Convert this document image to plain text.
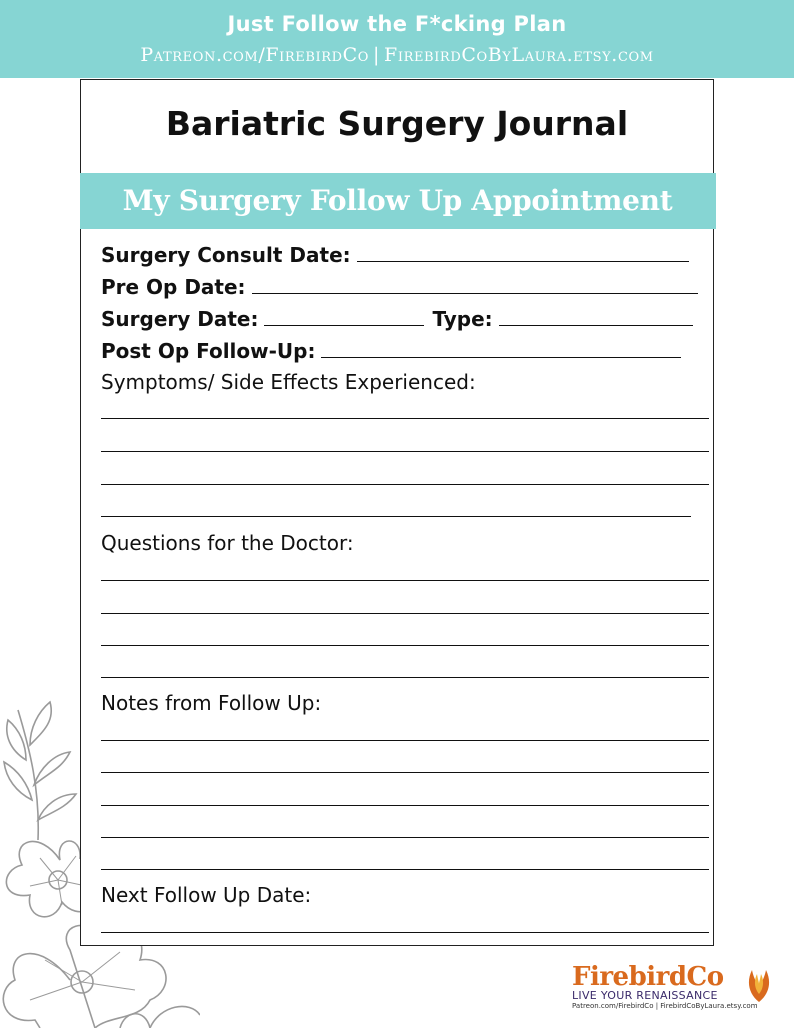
Just Follow the F*cking Plan
Patreon.com/FirebirdCo | FirebirdCoByLaura.etsy.com
Bariatric Surgery Journal
My Surgery Follow Up Appointment
Surgery Consult Date:
Pre Op Date:
Surgery Date:	Type:
Post Op Follow-Up:
Symptoms/ Side Effects Experienced:
Questions for the Doctor:
Notes from Follow Up:
Next Follow Up Date:
FirebirdCo
LIVE YOUR RENAISSANCE
Patreon.com/FirebirdCo | FirebirdCoByLaura.etsy.com
